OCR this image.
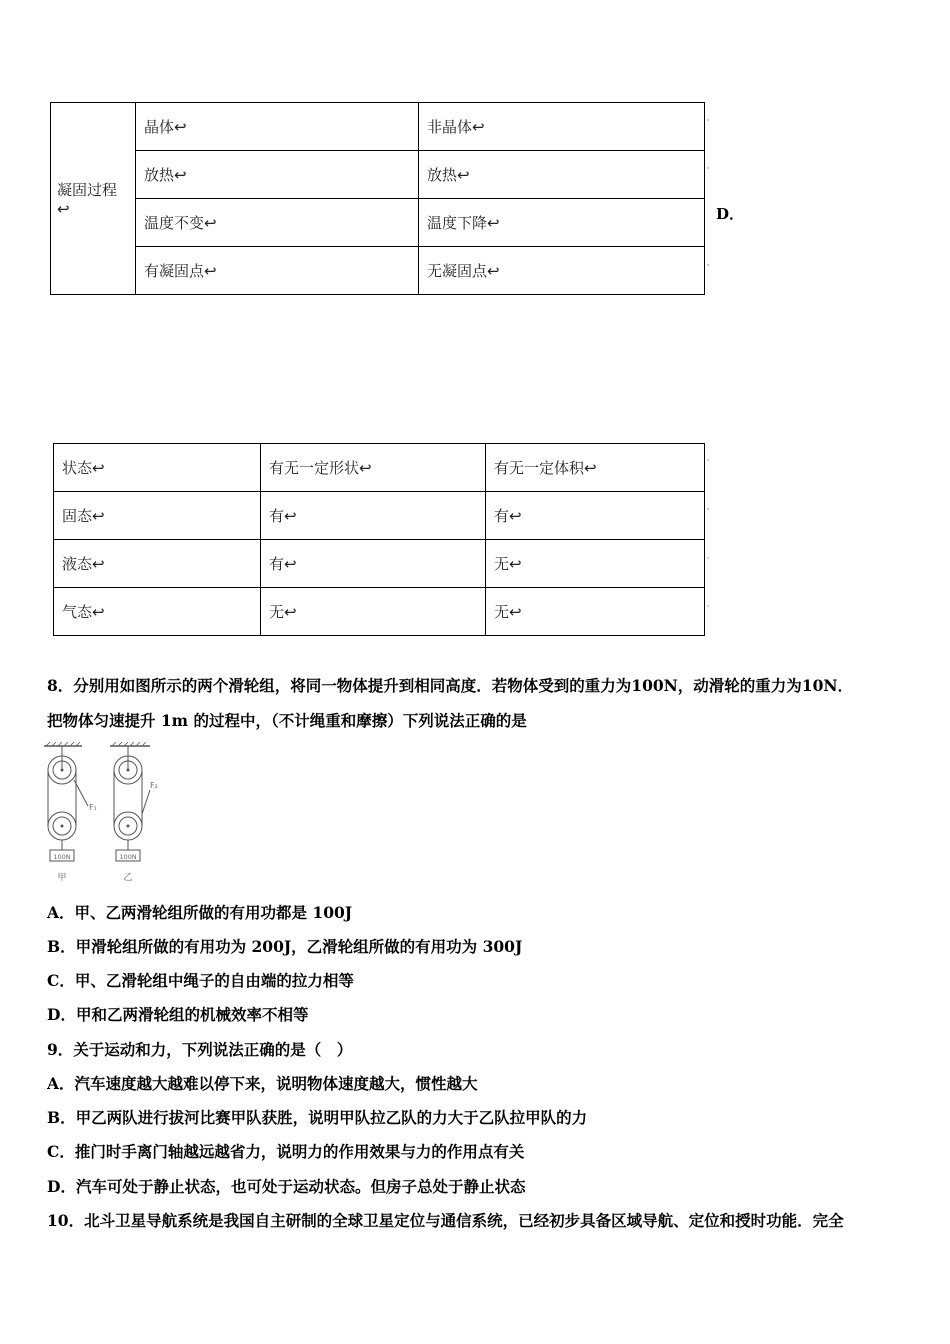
凝固过程↩	晶体↩	非晶体↩
	放热↩	放热↩
	温度不变↩	温度下降↩
	有凝固点↩	无凝固点↩
'
'
'
D．
状态↩	有无一定形状↩	有无一定体积↩
固态↩	有↩	有↩
液态↩	有↩	无↩
气态↩	无↩	无↩
'
'
'
'
8．分别用如图所示的两个滑轮组，将同一物体提升到相同高度．若物体受到的重力为100N，动滑轮的重力为10N．
把物体匀速提升 1m 的过程中，（不计绳重和摩擦）下列说法正确的是
F₁
F₂
100N	100N
甲	乙
A．甲、乙两滑轮组所做的有用功都是 100J
B．甲滑轮组所做的有用功为 200J，乙滑轮组所做的有用功为 300J
C．甲、乙滑轮组中绳子的自由端的拉力相等
D．甲和乙两滑轮组的机械效率不相等
9．关于运动和力，下列说法正确的是（　）
A．汽车速度越大越难以停下来，说明物体速度越大，惯性越大
B．甲乙两队进行拔河比赛甲队获胜，说明甲队拉乙队的力大于乙队拉甲队的力
C．推门时手离门轴越远越省力，说明力的作用效果与力的作用点有关
D．汽车可处于静止状态，也可处于运动状态。但房子总处于静止状态
10．北斗卫星导航系统是我国自主研制的全球卫星定位与通信系统，已经初步具备区域导航、定位和授时功能．完全
